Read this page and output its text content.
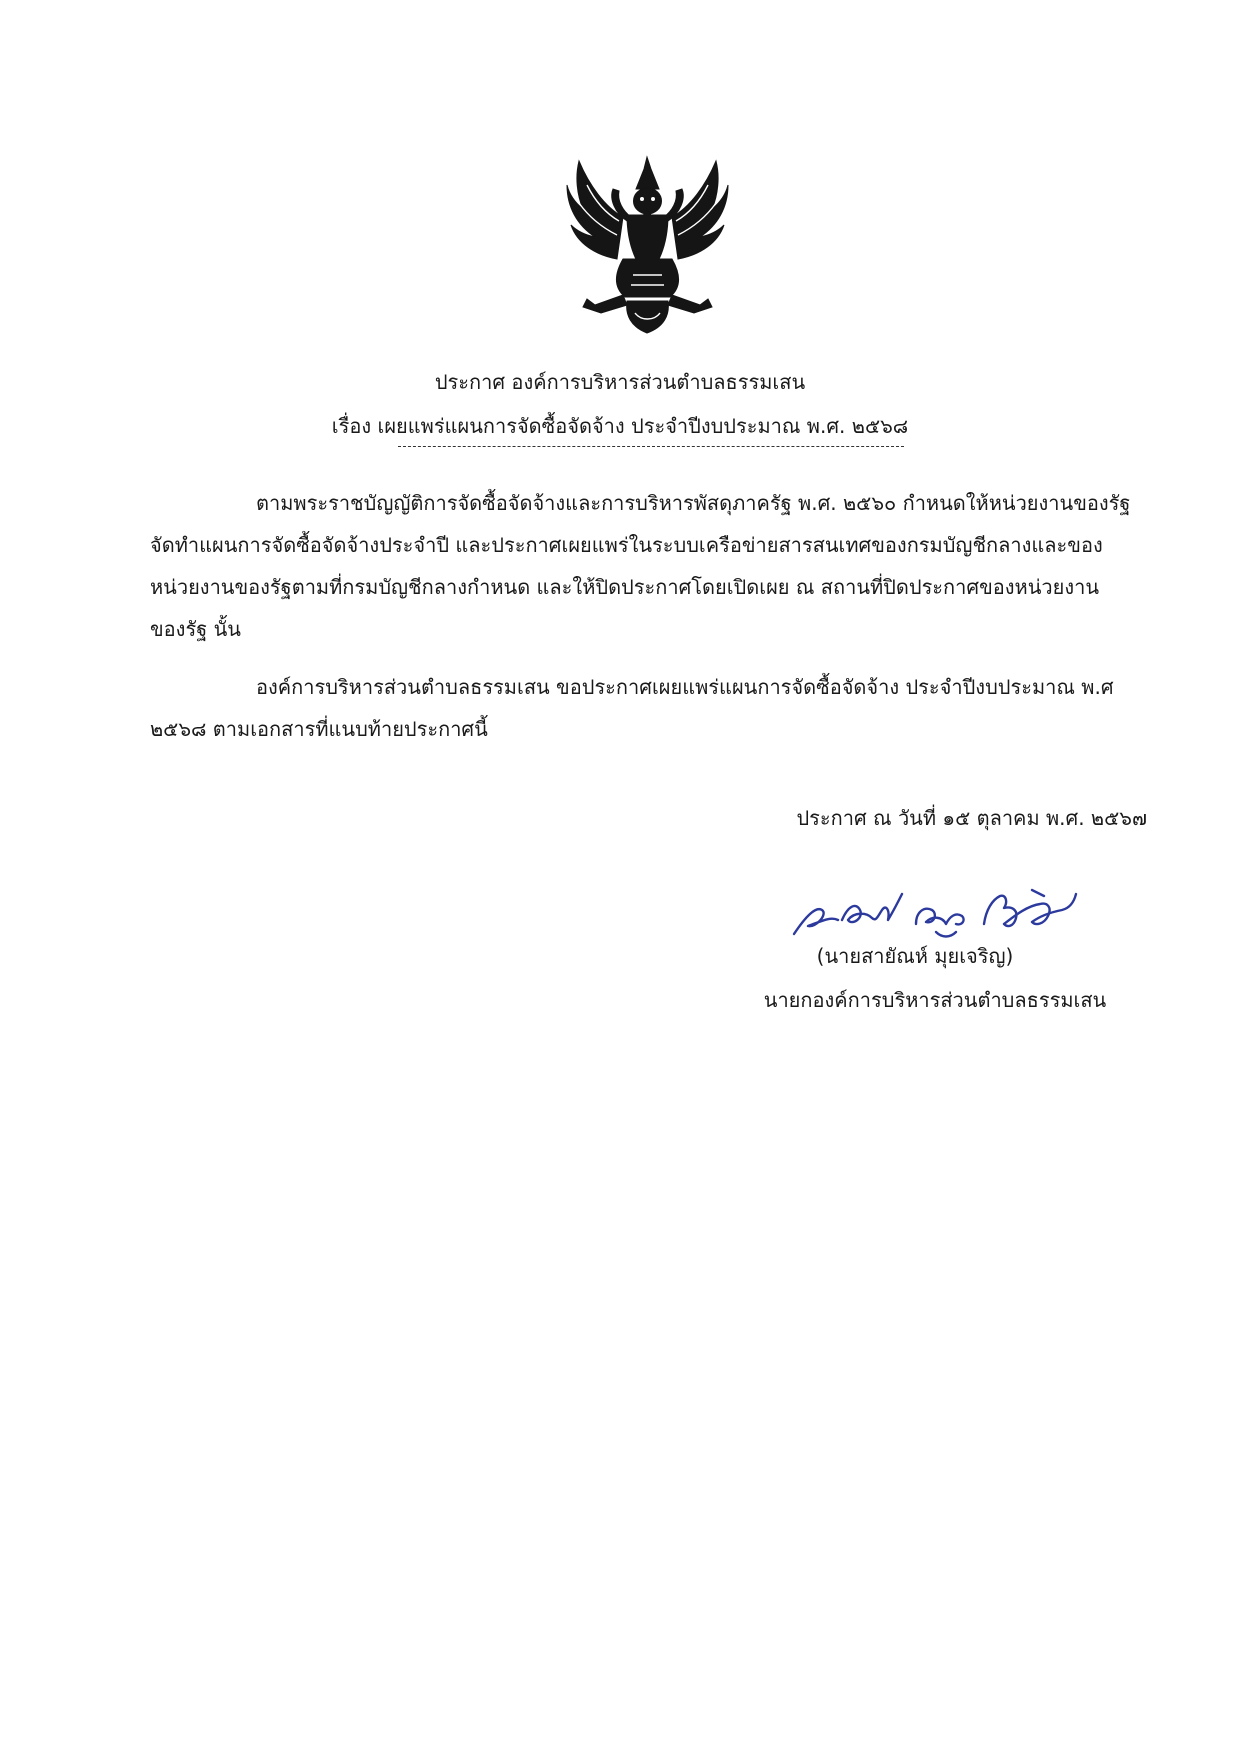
ประกาศ องค์การบริหารส่วนตำบลธรรมเสน
เรื่อง เผยแพร่แผนการจัดซื้อจัดจ้าง ประจำปีงบประมาณ พ.ศ. ๒๕๖๘
ตามพระราชบัญญัติการจัดซื้อจัดจ้างและการบริหารพัสดุภาครัฐ พ.ศ. ๒๕๖๐ กำหนดให้หน่วยงานของรัฐ
จัดทำแผนการจัดซื้อจัดจ้างประจำปี และประกาศเผยแพร่ในระบบเครือข่ายสารสนเทศของกรมบัญชีกลางและของ
หน่วยงานของรัฐตามที่กรมบัญชีกลางกำหนด และให้ปิดประกาศโดยเปิดเผย ณ สถานที่ปิดประกาศของหน่วยงาน
ของรัฐ นั้น
องค์การบริหารส่วนตำบลธรรมเสน ขอประกาศเผยแพร่แผนการจัดซื้อจัดจ้าง ประจำปีงบประมาณ พ.ศ
๒๕๖๘ ตามเอกสารที่แนบท้ายประกาศนี้
ประกาศ ณ วันที่ ๑๕ ตุลาคม พ.ศ. ๒๕๖๗
(นายสายัณห์ มุยเจริญ)
นายกองค์การบริหารส่วนตำบลธรรมเสน
